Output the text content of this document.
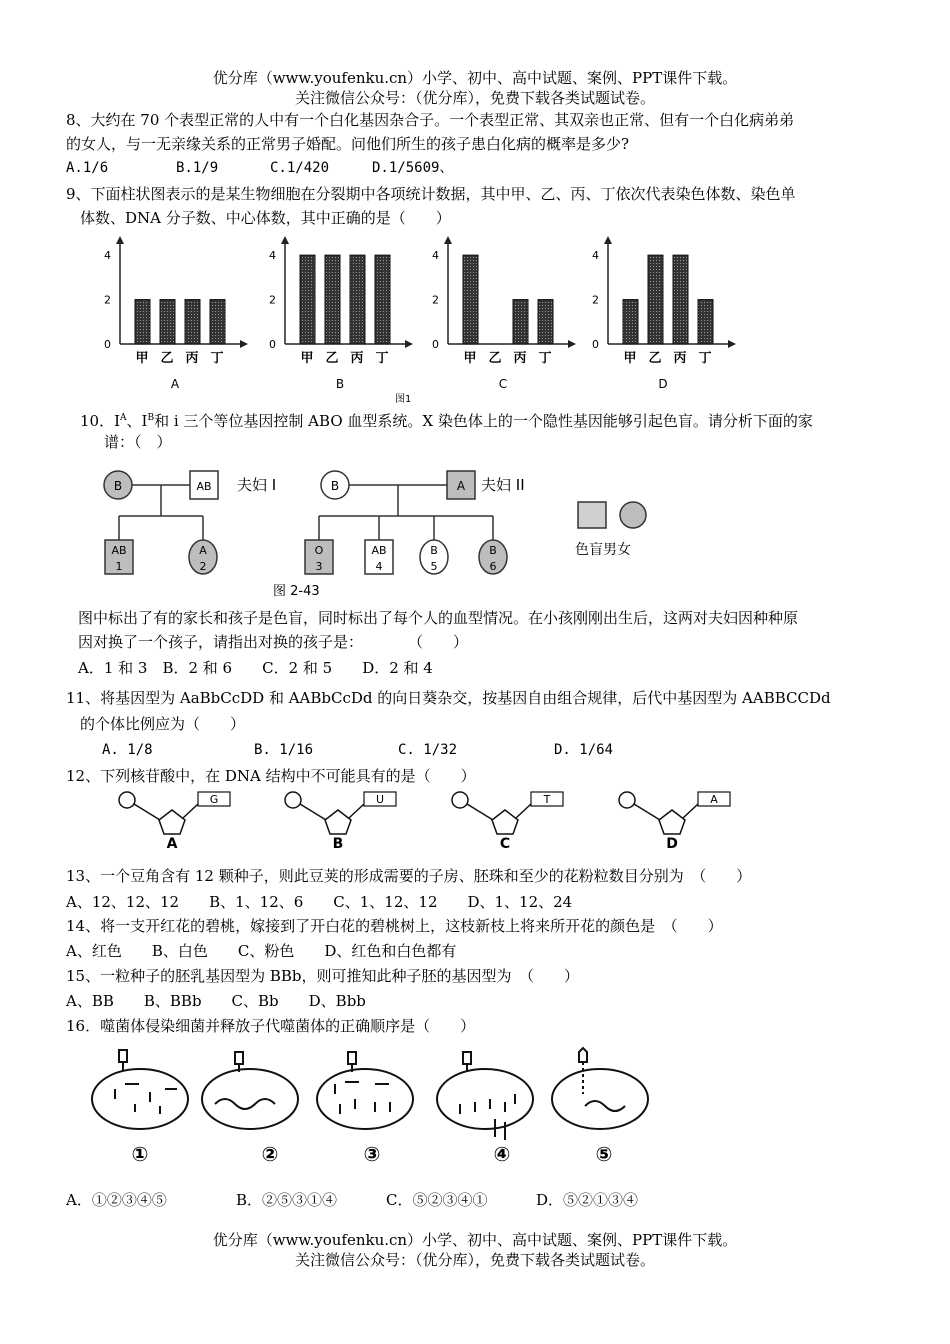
优分库（www.youfenku.cn）小学、初中、高中试题、案例、PPT课件下载。
关注微信公众号：（优分库），免费下载各类试题试卷。
8、大约在 70 个表型正常的人中有一个白化基因杂合子。一个表型正常、其双亲也正常、但有一个白化病弟弟
的女人，与一无亲缘关系的正常男子婚配。问他们所生的孩子患白化病的概率是多少?
A.1/6	B.1/9	C.1/420	D.1/5609、
9、下面柱状图表示的是某生物细胞在分裂期中各项统计数据，其中甲、乙、丙、丁依次代表染色体数、染色单
体数、DNA 分子数、中心体数，其中正确的是（　　）
0
2
4
甲 乙 丙 丁
A
0
2
4
甲 乙 丙 丁
B
0
2
4
甲 乙 丙 丁
C
0
2
4
甲 乙 丙 丁
D
图1
10．$I^A$、$I^B$和 i 三个等位基因控制 ABO 血型系统。X 染色体上的一个隐性基因能够引起色盲。请分析下面的家
谱：（　）
B	AB 夫妇 I	B	A 夫妇 II
AB
1
A
2
O
3
AB
4
B
5
B
6
图 2-43
色盲男女
图中标出了有的家长和孩子是色盲，同时标出了每个人的血型情况。在小孩刚刚出生后，这两对夫妇因种种原
因对换了一个孩子，请指出对换的孩子是：　　　　（　　）
A．1 和 3　B．2 和 6　　C．2 和 5　　D．2 和 4
11、将基因型为 AaBbCcDD 和 AABbCcDd 的向日葵杂交，按基因自由组合规律，后代中基因型为 AABBCCDd
的个体比例应为（　　）
A. 1/8	B. 1/16	C. 1/32	D. 1/64
12、下列核苷酸中，在 DNA 结构中不可能具有的是（　　）
G
A
U
B
T
C
A
D
13、一个豆角含有 12 颗种子，则此豆荚的形成需要的子房、胚珠和至少的花粉粒数目分别为　（　　）
A、12、12、12　　B、1、12、6　　C、1、12、12　　D、1、12、24
14、将一支开红花的碧桃，嫁接到了开白花的碧桃树上，这枝新枝上将来所开花的颜色是　（　　）
A、红色　　B、白色　　C、粉色　　D、红色和白色都有
15、一粒种子的胚乳基因型为 BBb，则可推知此种子胚的基因型为　（　　）
A、BB　　B、BBb　　C、Bb　　D、Bbb
16．噬菌体侵染细菌并释放子代噬菌体的正确顺序是（　　）
①	②	③	④	⑤
A．①②③④⑤	B．②⑤③①④	C．⑤②③④①	D．⑤②①③④
优分库（www.youfenku.cn）小学、初中、高中试题、案例、PPT课件下载。
关注微信公众号：（优分库），免费下载各类试题试卷。
